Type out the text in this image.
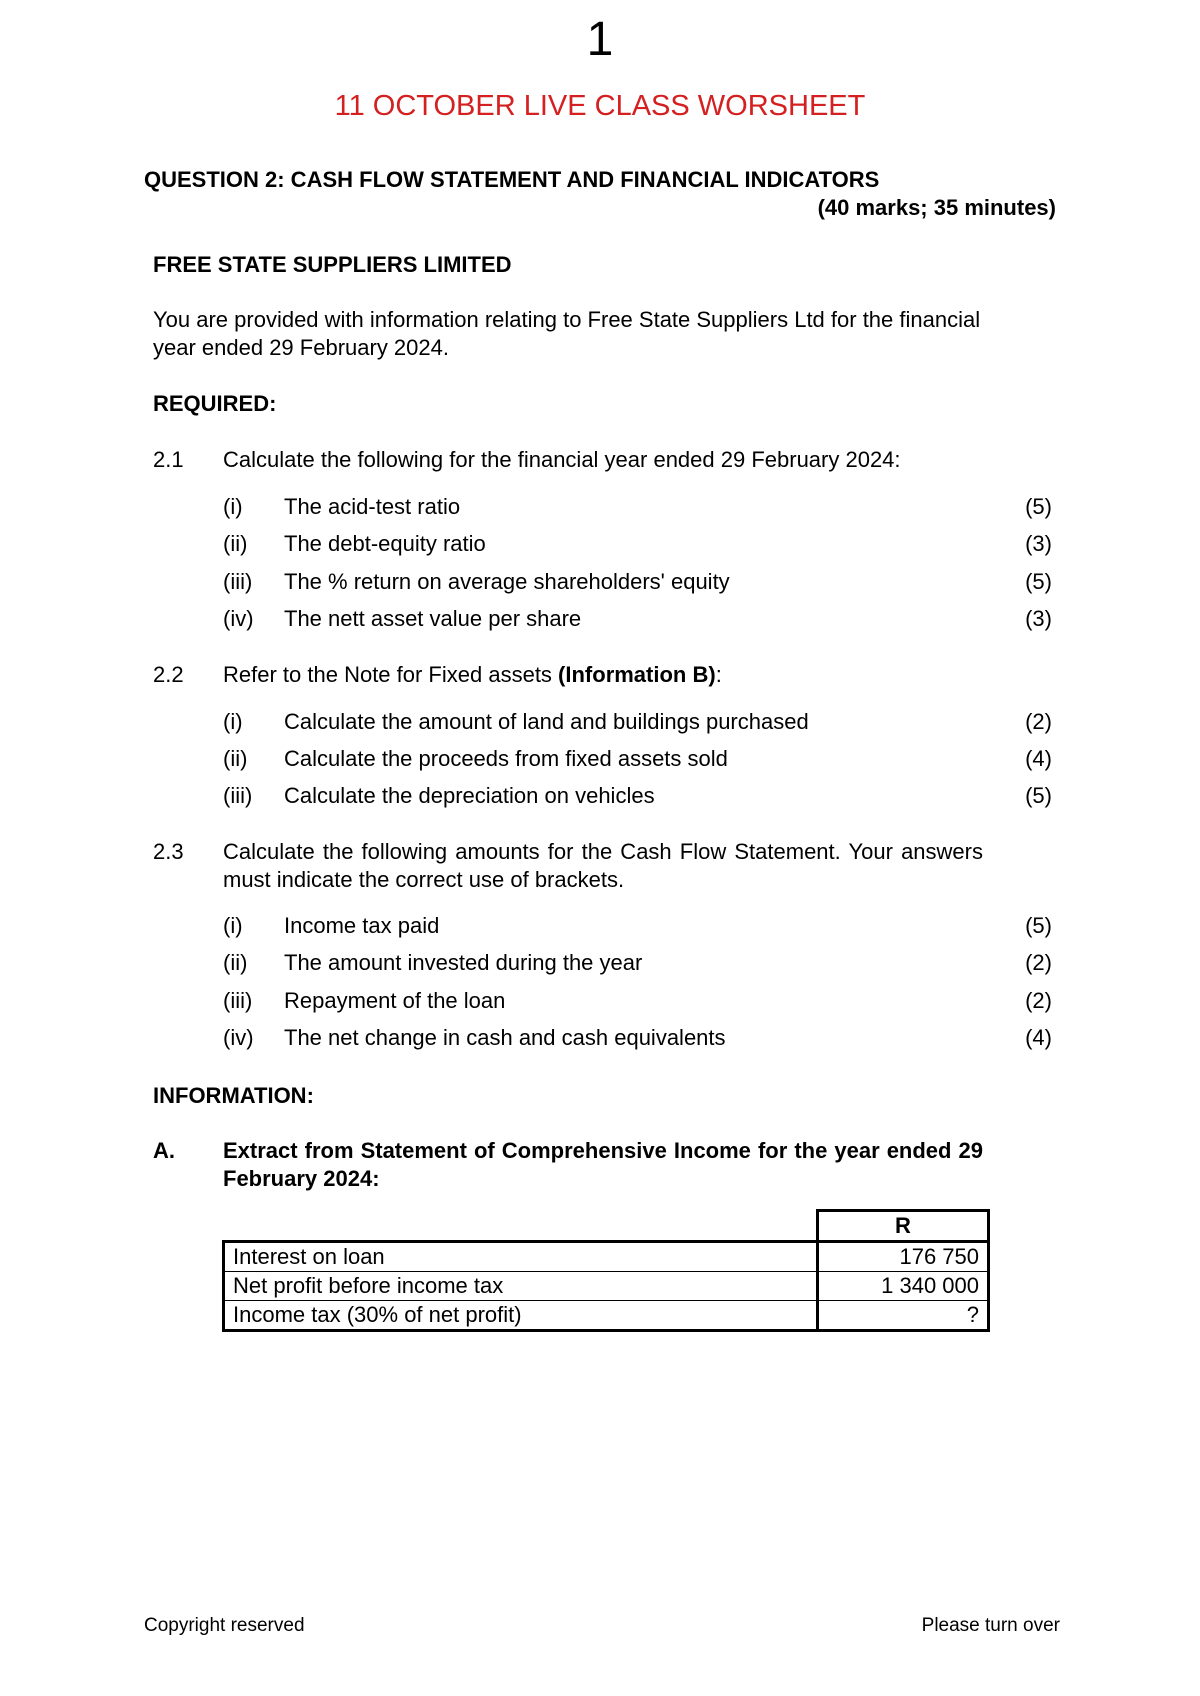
1
11 OCTOBER LIVE CLASS WORSHEET
QUESTION 2: CASH FLOW STATEMENT AND FINANCIAL INDICATORS
(40 marks; 35 minutes)
FREE STATE SUPPLIERS LIMITED
You are provided with information relating to Free State Suppliers Ltd for the financial year ended 29 February 2024.
REQUIRED:
2.1 Calculate the following for the financial year ended 29 February 2024:
(i) The acid-test ratio	(5)
(ii) The debt-equity ratio	(3)
(iii) The % return on average shareholders' equity	(5)
(iv) The nett asset value per share	(3)
2.2 Refer to the Note for Fixed assets (Information B):
(i) Calculate the amount of land and buildings purchased	(2)
(ii) Calculate the proceeds from fixed assets sold	(4)
(iii) Calculate the depreciation on vehicles	(5)
2.3 Calculate the following amounts for the Cash Flow Statement. Your answers must indicate the correct use of brackets.
(i) Income tax paid	(5)
(ii) The amount invested during the year	(2)
(iii) Repayment of the loan	(2)
(iv) The net change in cash and cash equivalents	(4)
INFORMATION:
A. Extract from Statement of Comprehensive Income for the year ended 29 February 2024:
	R
Interest on loan	176 750
Net profit before income tax	1 340 000
Income tax (30% of net profit)	?
Copyright reserved	Please turn over
